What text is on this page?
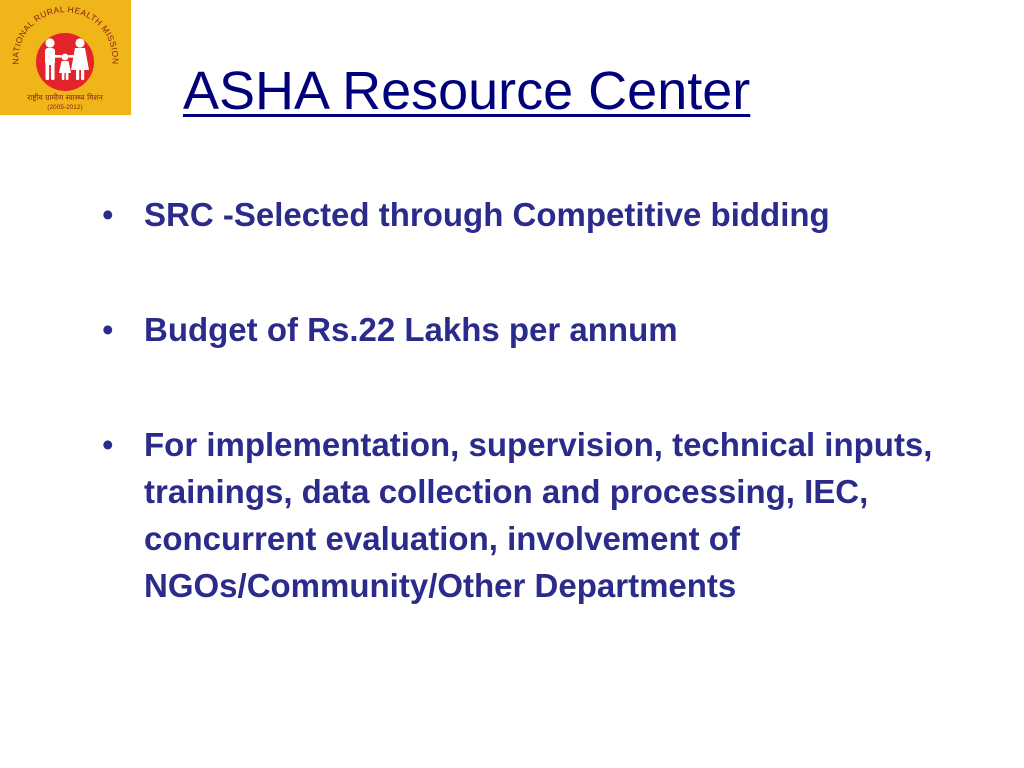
NATIONAL RURAL HEALTH MISSION
राष्ट्रीय ग्रामीण स्वास्थ्य मिशन
(2005-2012) ASHA Resource Center
• SRC -Selected through Competitive bidding
• Budget of Rs.22 Lakhs per annum
• For implementation, supervision, technical inputs, trainings, data collection and processing, IEC, concurrent evaluation, involvement of NGOs/Community/Other Departments
